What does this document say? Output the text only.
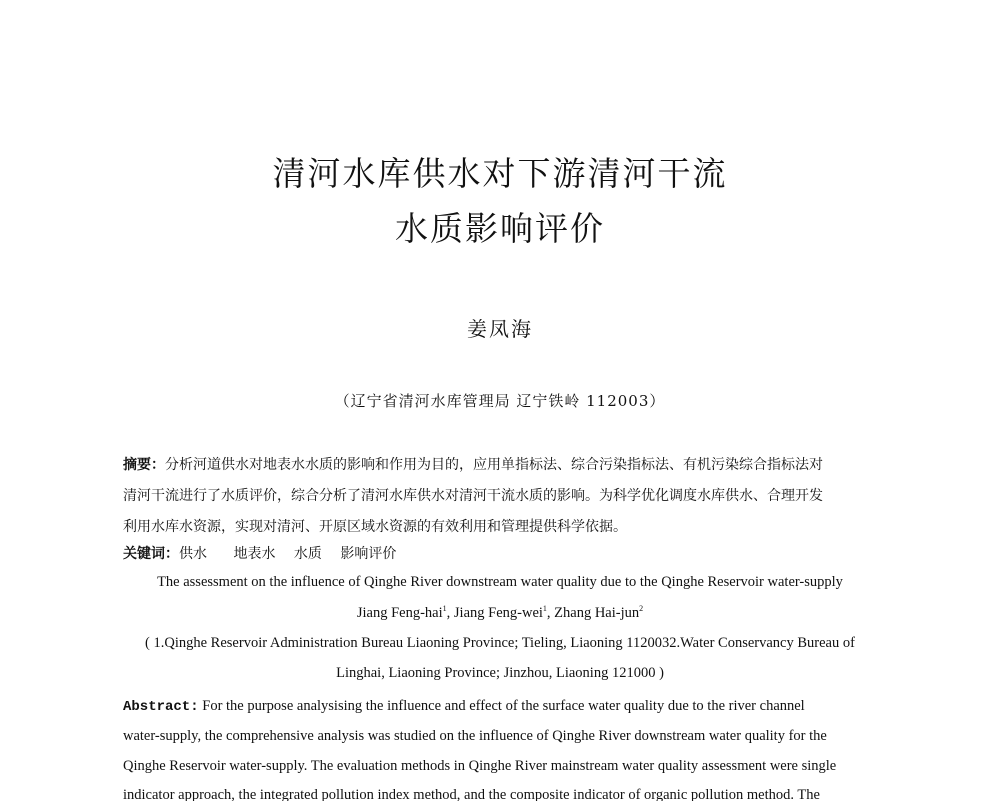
清河水库供水对下游清河干流
水质影响评价
姜凤海
（辽宁省清河水库管理局 辽宁铁岭 112003）
摘要：分析河道供水对地表水水质的影响和作用为目的，应用单指标法、综合污染指标法、有机污染综合指标法对
清河干流进行了水质评价，综合分析了清河水库供水对清河干流水质的影响。为科学优化调度水库供水、合理开发
利用水库水资源，实现对清河、开原区域水资源的有效利用和管理提供科学依据。
关键词：供水 地表水 水质 影响评价
The assessment on the influence of Qinghe River downstream water quality due to the Qinghe Reservoir water-supply
Jiang Feng-hai$^1$, Jiang Feng-wei$^1$, Zhang Hai-jun$^2$
( 1.Qinghe Reservoir Administration Bureau Liaoning Province; Tieling, Liaoning 1120032.Water Conservancy Bureau of
Linghai, Liaoning Province; Jinzhou, Liaoning 121000 )
Abstract: For the purpose analysising the influence and effect of the surface water quality due to the river channel
water-supply, the comprehensive analysis was studied on the influence of Qinghe River downstream water quality for the
Qinghe Reservoir water-supply. The evaluation methods in Qinghe River mainstream water quality assessment were single
indicator approach, the integrated pollution index method, and the composite indicator of organic pollution method. The
